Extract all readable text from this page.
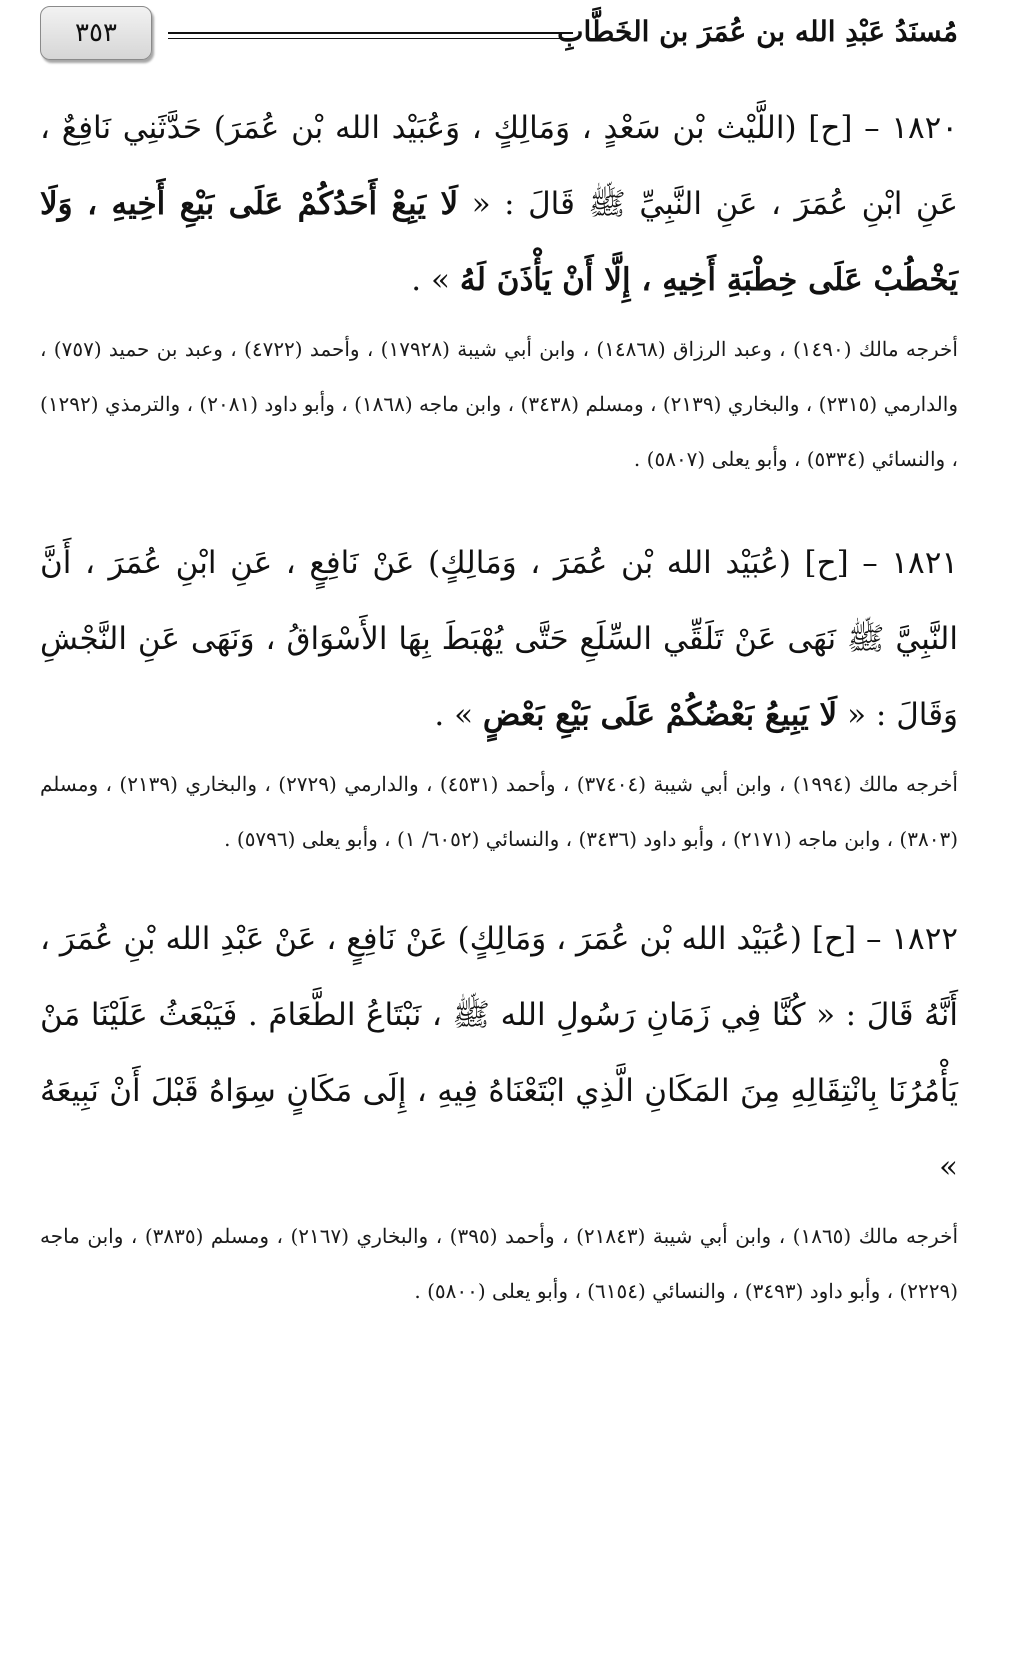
مُسنَدُ عَبْدِ الله بن عُمَرَ بن الخَطَّابِ
٣٥٣

١٨٢٠ – [ح] (اللَّيْث بْن سَعْدٍ ، وَمَالِكٍ ، وَعُبَيْد الله بْن عُمَرَ) حَدَّثَنِي نَافِعٌ ، عَنِ ابْنِ عُمَرَ ، عَنِ النَّبِيِّ ﷺ قَالَ : « لَا يَبِعْ أَحَدُكُمْ عَلَى بَيْعِ أَخِيهِ ، وَلَا يَخْطُبْ عَلَى خِطْبَةِ أَخِيهِ ، إِلَّا أَنْ يَأْذَنَ لَهُ » .

أخرجه مالك (١٤٩٠) ، وعبد الرزاق (١٤٨٦٨) ، وابن أبي شيبة (١٧٩٢٨) ، وأحمد (٤٧٢٢) ، وعبد بن حميد (٧٥٧) ، والدارمي (٢٣١٥) ، والبخاري (٢١٣٩) ، ومسلم (٣٤٣٨) ، وابن ماجه (١٨٦٨) ، وأبو داود (٢٠٨١) ، والترمذي (١٢٩٢) ، والنسائي (٥٣٣٤) ، وأبو يعلى (٥٨٠٧) .

١٨٢١ – [ح] (عُبَيْد الله بْن عُمَرَ ، وَمَالِكٍ) عَنْ نَافِعٍ ، عَنِ ابْنِ عُمَرَ ، أَنَّ النَّبِيَّ ﷺ نَهَى عَنْ تَلَقِّي السِّلَعِ حَتَّى يُهْبَطَ بِهَا الأَسْوَاقُ ، وَنَهَى عَنِ النَّجْشِ وَقَالَ : « لَا يَبِيعُ بَعْضُكُمْ عَلَى بَيْعِ بَعْضٍ » .

أخرجه مالك (١٩٩٤) ، وابن أبي شيبة (٣٧٤٠٤) ، وأحمد (٤٥٣١) ، والدارمي (٢٧٢٩) ، والبخاري (٢١٣٩) ، ومسلم (٣٨٠٣) ، وابن ماجه (٢١٧١) ، وأبو داود (٣٤٣٦) ، والنسائي (٦٠٥٢/ ١) ، وأبو يعلى (٥٧٩٦) .

١٨٢٢ – [ح] (عُبَيْد الله بْن عُمَرَ ، وَمَالِكٍ) عَنْ نَافِعٍ ، عَنْ عَبْدِ الله بْنِ عُمَرَ ، أَنَّهُ قَالَ : « كُنَّا فِي زَمَانِ رَسُولِ الله ﷺ ، نَبْتَاعُ الطَّعَامَ . فَيَبْعَثُ عَلَيْنَا مَنْ يَأْمُرُنَا بِانْتِقَالِهِ مِنَ المَكَانِ الَّذِي ابْتَعْنَاهُ فِيهِ ، إِلَى مَكَانٍ سِوَاهُ قَبْلَ أَنْ نَبِيعَهُ »

أخرجه مالك (١٨٦٥) ، وابن أبي شيبة (٢١٨٤٣) ، وأحمد (٣٩٥) ، والبخاري (٢١٦٧) ، ومسلم (٣٨٣٥) ، وابن ماجه (٢٢٢٩) ، وأبو داود (٣٤٩٣) ، والنسائي (٦١٥٤) ، وأبو يعلى (٥٨٠٠) .
